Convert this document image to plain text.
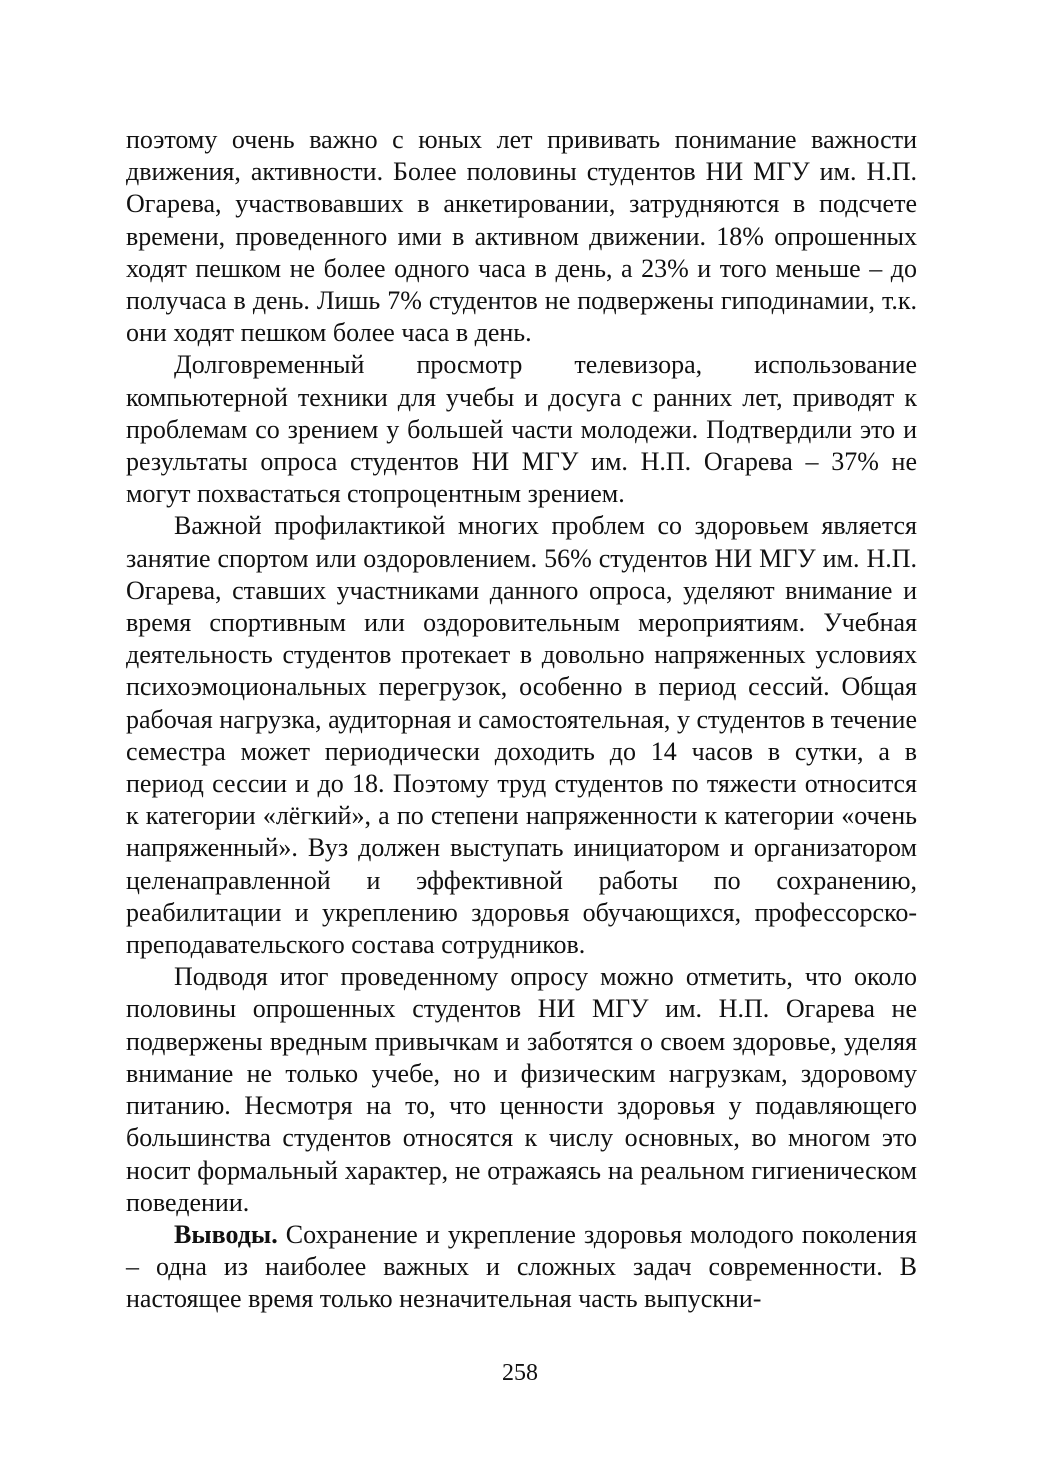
поэтому очень важно с юных лет прививать понимание важности движения, активности. Более половины студентов НИ МГУ им. Н.П. Огарева, участвовавших в анкетировании, затрудняются в подсчете времени, проведенного ими в активном движении. 18% опрошенных ходят пешком не более одного часа в день, а 23% и того меньше – до получаса в день. Лишь 7% студентов не подвержены гиподинамии, т.к. они ходят пешком более часа в день.

Долговременный просмотр телевизора, использование компьютерной техники для учебы и досуга с ранних лет, приводят к проблемам со зрением у большей части молодежи. Подтвердили это и результаты опроса студентов НИ МГУ им. Н.П. Огарева – 37% не могут похвастаться стопроцентным зрением.

Важной профилактикой многих проблем со здоровьем является занятие спортом или оздоровлением. 56% студентов НИ МГУ им. Н.П. Огарева, ставших участниками данного опроса, уделяют внимание и время спортивным или оздоровительным мероприятиям. Учебная деятельность студентов протекает в довольно напряженных условиях психоэмоциональных перегрузок, особенно в период сессий. Общая рабочая нагрузка, аудиторная и самостоятельная, у студентов в течение семестра может периодически доходить до 14 часов в сутки, а в период сессии и до 18. Поэтому труд студентов по тяжести относится к категории «лёгкий», а по степени напряженности к категории «очень напряженный». Вуз должен выступать инициатором и организатором целенаправленной и эффективной работы по сохранению, реабилитации и укреплению здоровья обучающихся, профессорско-преподавательского состава сотрудников.

Подводя итог проведенному опросу можно отметить, что около половины опрошенных студентов НИ МГУ им. Н.П. Огарева не подвержены вредным привычкам и заботятся о своем здоровье, уделяя внимание не только учебе, но и физическим нагрузкам, здоровому питанию. Несмотря на то, что ценности здоровья у подавляющего большинства студентов относятся к числу основных, во многом это носит формальный характер, не отражаясь на реальном гигиеническом поведении.

Выводы. Сохранение и укрепление здоровья молодого поколения – одна из наиболее важных и сложных задач современности. В настоящее время только незначительная часть выпускни-

258
